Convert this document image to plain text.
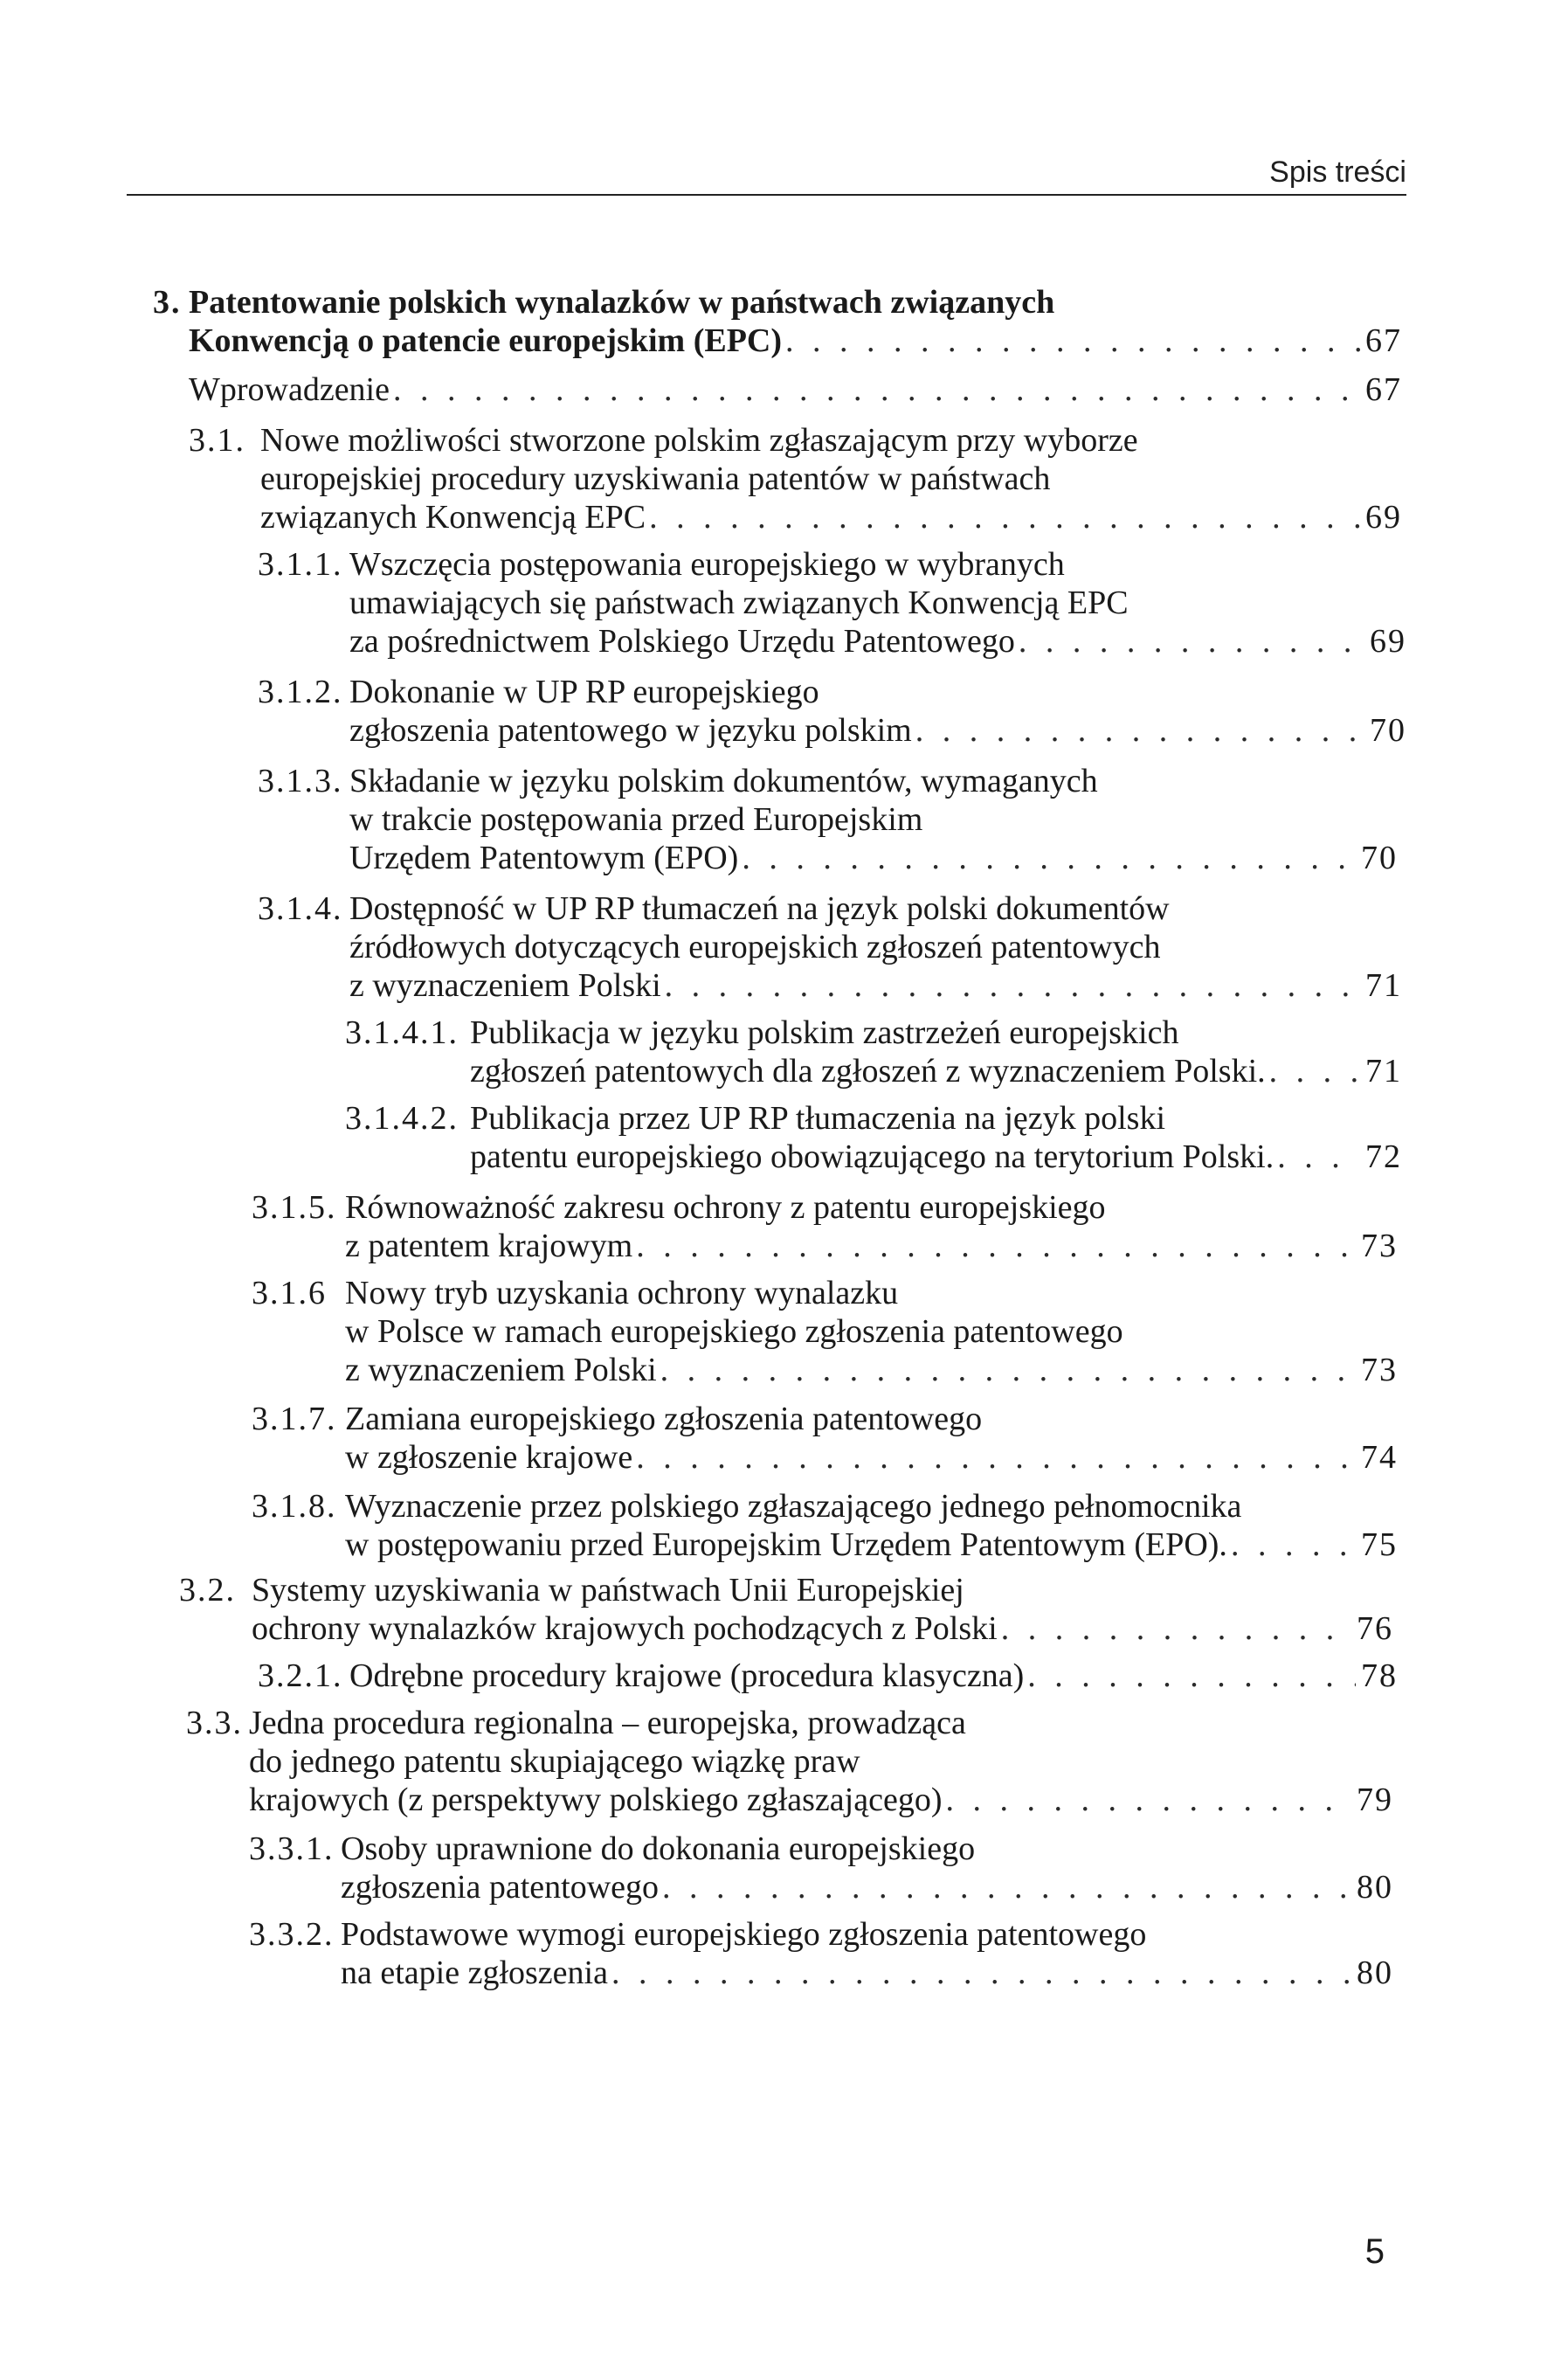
Spis treści
3. Patentowanie polskich wynalazków w państwach związanych
Konwencją o patencie europejskim (EPC) . . .	67
Wprowadzenie . . .	67
3.1. Nowe możliwości stworzone polskim zgłaszającym przy wyborze
europejskiej procedury uzyskiwania patentów w państwach
związanych Konwencją EPC . . .	69
3.1.1. Wszczęcia postępowania europejskiego w wybranych
umawiających się państwach związanych Konwencją EPC
za pośrednictwem Polskiego Urzędu Patentowego . . .	69
3.1.2. Dokonanie w UP RP europejskiego
zgłoszenia patentowego w języku polskim . . .	70
3.1.3. Składanie w języku polskim dokumentów, wymaganych
w trakcie postępowania przed Europejskim
Urzędem Patentowym (EPO) . . .	70
3.1.4. Dostępność w UP RP tłumaczeń na język polski dokumentów
źródłowych dotyczących europejskich zgłoszeń patentowych
z wyznaczeniem Polski . . .	71
3.1.4.1. Publikacja w języku polskim zastrzeżeń europejskich
zgłoszeń patentowych dla zgłoszeń z wyznaczeniem Polski. . . .	71
3.1.4.2. Publikacja przez UP RP tłumaczenia na język polski
patentu europejskiego obowiązującego na terytorium Polski. . . .	72
3.1.5. Równoważność zakresu ochrony z patentu europejskiego
z patentem krajowym . . .	73
3.1.6 Nowy tryb uzyskania ochrony wynalazku
w Polsce w ramach europejskiego zgłoszenia patentowego
z wyznaczeniem Polski . . .	73
3.1.7. Zamiana europejskiego zgłoszenia patentowego
w zgłoszenie krajowe . . .	74
3.1.8. Wyznaczenie przez polskiego zgłaszającego jednego pełnomocnika
w postępowaniu przed Europejskim Urzędem Patentowym (EPO). . . .	75
3.2. Systemy uzyskiwania w państwach Unii Europejskiej
ochrony wynalazków krajowych pochodzących z Polski . . .	76
3.2.1. Odrębne procedury krajowe (procedura klasyczna) . . .	78
3.3. Jedna procedura regionalna – europejska, prowadząca
do jednego patentu skupiającego wiązkę praw
krajowych (z perspektywy polskiego zgłaszającego) . . .	79
3.3.1. Osoby uprawnione do dokonania europejskiego
zgłoszenia patentowego . . .	80
3.3.2. Podstawowe wymogi europejskiego zgłoszenia patentowego
na etapie zgłoszenia . . .	80
5
